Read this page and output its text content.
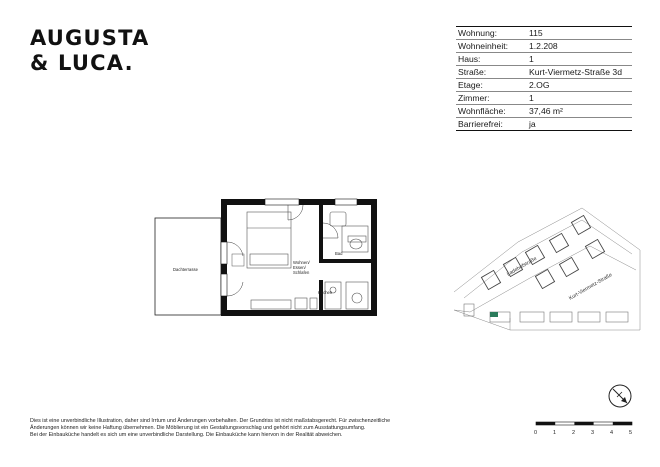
AUGUSTA
& LUCA.
Wohnung:	115
Wohneinheit:	1.2.208
Haus:	1
Straße:	Kurt-Viermetz-Straße 3d
Etage:	2.OG
Zimmer:	1
Wohnfläche:	37,46 m²
Barrierefrei:	ja
Dachterrasse
Wohnen/
Essen/
Schlafen
Bad
Kochen
Ladehofstraße
Kurt-Viermetz-Straße
Dies ist eine unverbindliche Illustration, daher sind Irrtum und Änderungen vorbehalten. Der Grundriss ist nicht maßstabsgerecht. Für zwischenzeitliche
Änderungen können wir keine Haftung übernehmen. Die Möblierung ist ein Gestaltungsvorschlag und gehört nicht zum Ausstattungsumfang.
Bei der Einbauküche handelt es sich um eine unverbindliche Darstellung. Die Einbauküche kann hiervon in der Realität abweichen.	0	1	2	3	4	5
